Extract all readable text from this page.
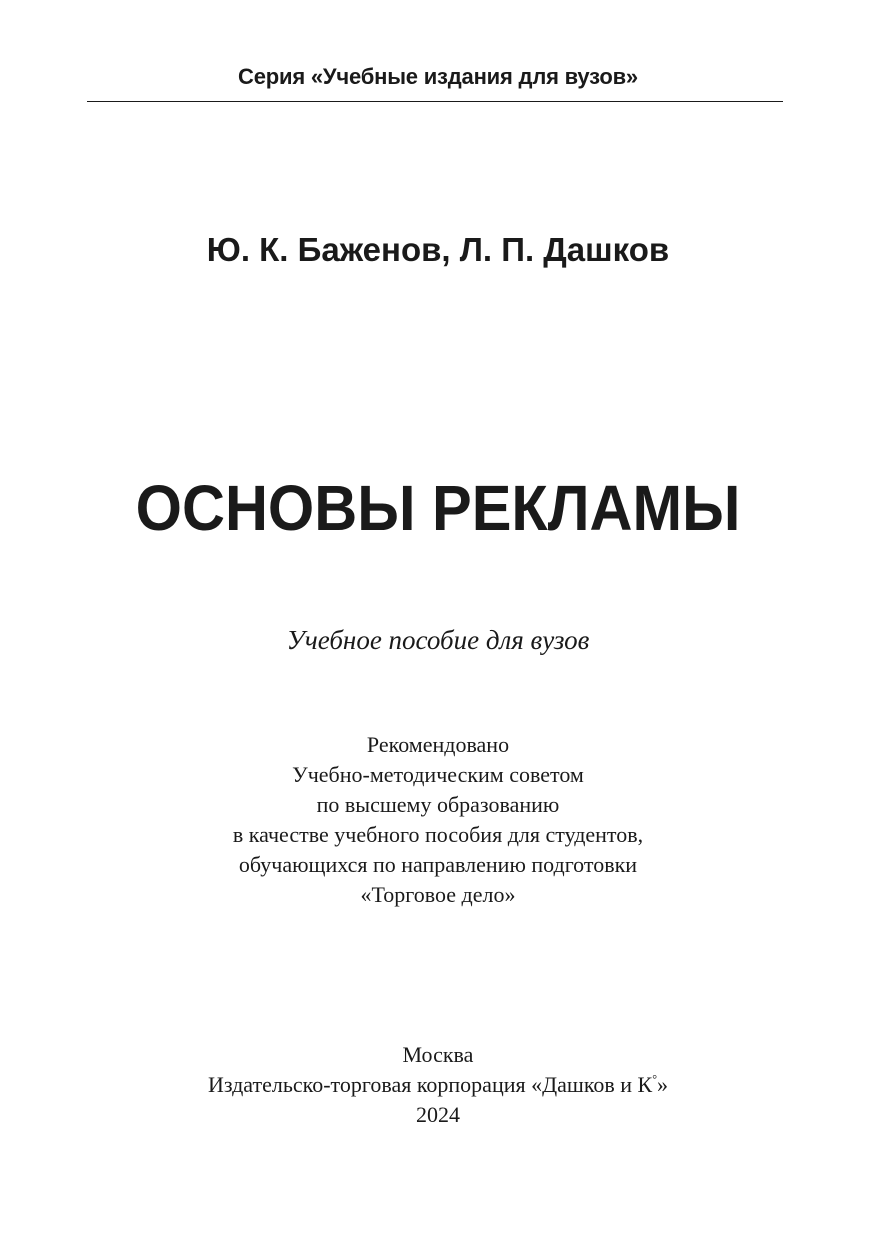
Серия «Учебные издания для вузов»
Ю. К. Баженов, Л. П. Дашков
ОСНОВЫ РЕКЛАМЫ
Учебное пособие для вузов
Рекомендовано
Учебно-методическим советом
по высшему образованию
в качестве учебного пособия для студентов,
обучающихся по направлению подготовки
«Торговое дело»
Москва
Издательско-торговая корпорация «Дашков и К°»
2024
